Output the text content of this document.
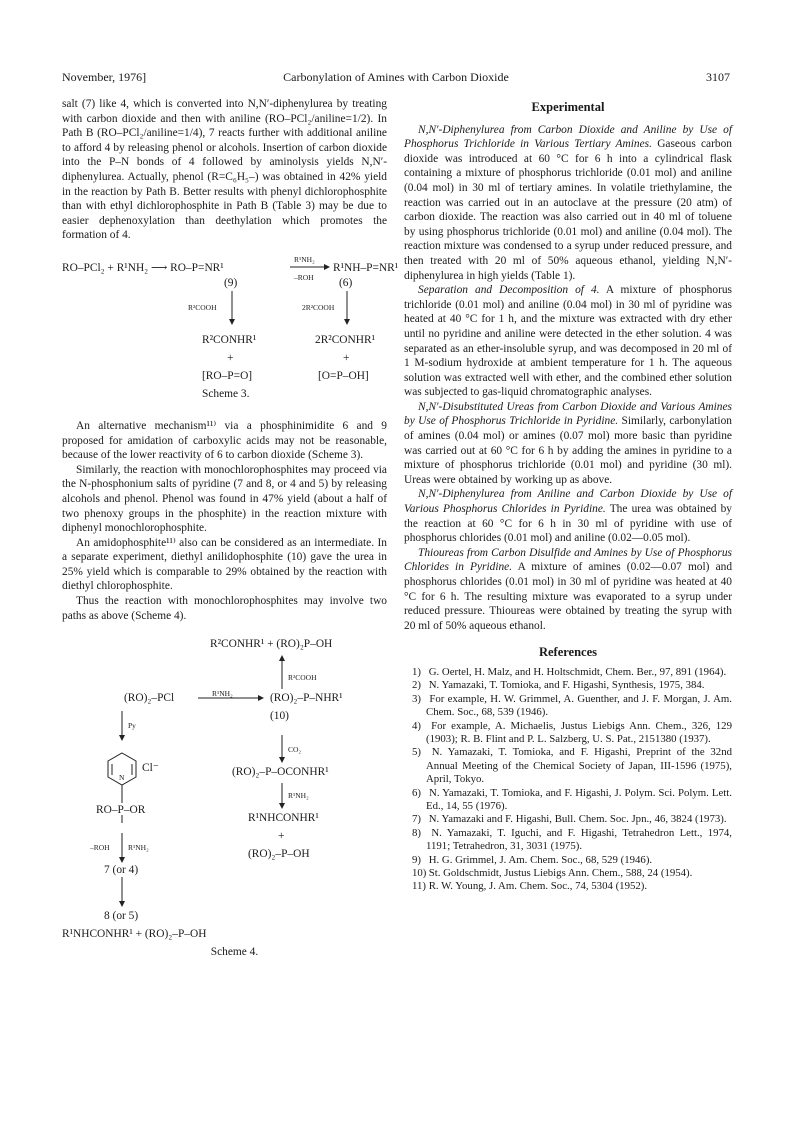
November, 1976]	Carbonylation of Amines with Carbon Dioxide	3107

salt (7) like 4, which is converted into N,N′-diphenylurea by treating with carbon dioxide and then with aniline (RO–PCl₂/aniline=1/2). In Path B (RO–PCl₂/aniline=1/4), 7 reacts further with additional aniline to afford 4 by releasing phenol or alcohols. Insertion of carbon dioxide into the P–N bonds of 4 followed by aminolysis yields N,N′-diphenylurea. Actually, phenol (R=C₆H₅–) was obtained in 42% yield in the reaction by Path B. Better results with phenyl dichlorophosphite than with ethyl dichlorophosphite in Path B (Table 3) may be due to easier dephenoxylation than deethylation which promotes the formation of 4.

RO–PCl₂ + R¹NH₂ ⟶ RO–P=NR¹
R¹NH₂
–ROH
R¹NH–P=NR¹
(9)	(6)
R²COOH	2R²COOH
R²CONHR¹	2R²CONHR¹
+	+
[RO–P=O]	[O=P–OH]
Scheme 3.

An alternative mechanism¹¹⁾ via a phosphinimidite 6 and 9 proposed for amidation of carboxylic acids may not be reasonable, because of the lower reactivity of 6 to carbon dioxide (Scheme 3).

Similarly, the reaction with monochlorophosphites may proceed via the N-phosphonium salts of pyridine (7 and 8, or 4 and 5) by releasing alcohols and phenol. Phenol was found in 47% yield (about a half of two phenoxy groups in the phosphite) in the reaction mixture with diphenyl monochlorophosphite.

An amidophosphite¹¹⁾ also can be considered as an intermediate. In a separate experiment, diethyl anilidophosphite (10) gave the urea in 25% yield which is comparable to 29% obtained by the reaction with diethyl chlorophosphite.

Thus the reaction with monochlorophosphites may involve two paths as above (Scheme 4).

R²CONHR¹ + (RO)₂P–OH
R²COOH
(RO)₂–PCl	R¹NH₂	(RO)₂–P–NHR¹
(10)
Py
CO₂
Cl⁻
N	(RO)₂–P–OCONHR¹
RO–P–OR
R¹NH₂
–ROH R¹NH₂
R¹NHCONHR¹
+
7 (or 4)
(RO)₂–P–OH
8 (or 5)
R¹NHCONHR¹ + (RO)₂–P–OH

Scheme 4.

Experimental

N,N′-Diphenylurea from Carbon Dioxide and Aniline by Use of Phosphorus Trichloride in Various Tertiary Amines. Gaseous carbon dioxide was introduced at 60 °C for 6 h into a cylindrical flask containing a mixture of phosphorus trichloride (0.01 mol) and aniline (0.04 mol) in 30 ml of tertiary amines. In volatile triethylamine, the reaction was carried out in an autoclave at the pressure (20 atm) of carbon dioxide. The reaction was also carried out in 40 ml of toluene by using phosphorus trichloride (0.01 mol) and aniline (0.04 mol). The reaction mixture was condensed to a syrup under reduced pressure, and then treated with 20 ml of 50% aqueous ethanol, yielding N,N′-diphenylurea in high yields (Table 1).

Separation and Decomposition of 4. A mixture of phosphorus trichloride (0.01 mol) and aniline (0.04 mol) in 30 ml of pyridine was heated at 40 °C for 1 h, and the mixture was extracted with dry ether until no pyridine and aniline were detected in the ether solution. 4 was separated as an ether-insoluble syrup, and was decomposed in 20 ml of 1 M-sodium hydroxide at ambient temperature for 1 h. The aqueous solution was extracted well with ether, and the combined ether solution was subjected to gas-liquid chromatographic analyses.

N,N′-Disubstituted Ureas from Carbon Dioxide and Various Amines by Use of Phosphorus Trichloride in Pyridine. Similarly, carbonylation of amines (0.04 mol) or amines (0.07 mol) more basic than pyridine was carried out at 60 °C for 6 h by adding the amines in pyridine to a mixture of phosphorus trichloride (0.01 mol) and pyridine (30 ml). Ureas were obtained by working up as above.

N,N′-Diphenylurea from Aniline and Carbon Dioxide by Use of Various Phosphorus Chlorides in Pyridine. The urea was obtained by the reaction at 60 °C for 6 h in 30 ml of pyridine with use of phosphorus chlorides (0.01 mol) and aniline (0.02—0.05 mol).

Thioureas from Carbon Disulfide and Amines by Use of Phosphorus Chlorides in Pyridine. A mixture of amines (0.02—0.07 mol) and phosphorus chlorides (0.01 mol) in 30 ml of pyridine was heated at 40 °C for 6 h. The resulting mixture was evaporated to a syrup under reduced pressure. Thioureas were obtained by treating the syrup with 20 ml of 50% aqueous ethanol.

References

1) G. Oertel, H. Malz, and H. Holtschmidt, Chem. Ber., 97, 891 (1964).

2) N. Yamazaki, T. Tomioka, and F. Higashi, Synthesis, 1975, 384.

3) For example, H. W. Grimmel, A. Guenther, and J. F. Morgan, J. Am. Chem. Soc., 68, 539 (1946).

4) For example, A. Michaelis, Justus Liebigs Ann. Chem., 326, 129 (1903); R. B. Flint and P. L. Salzberg, U. S. Pat., 2151380 (1937).

5) N. Yamazaki, T. Tomioka, and F. Higashi, Preprint of the 32nd Annual Meeting of the Chemical Society of Japan, III-1596 (1975), April, Tokyo.

6) N. Yamazaki, T. Tomioka, and F. Higashi, J. Polym. Sci. Polym. Lett. Ed., 14, 55 (1976).

7) N. Yamazaki and F. Higashi, Bull. Chem. Soc. Jpn., 46, 3824 (1973).

8) N. Yamazaki, T. Iguchi, and F. Higashi, Tetrahedron Lett., 1974, 1191; Tetrahedron, 31, 3031 (1975).

9) H. G. Grimmel, J. Am. Chem. Soc., 68, 529 (1946).

10) St. Goldschmidt, Justus Liebigs Ann. Chem., 588, 24 (1954).

11) R. W. Young, J. Am. Chem. Soc., 74, 5304 (1952).
